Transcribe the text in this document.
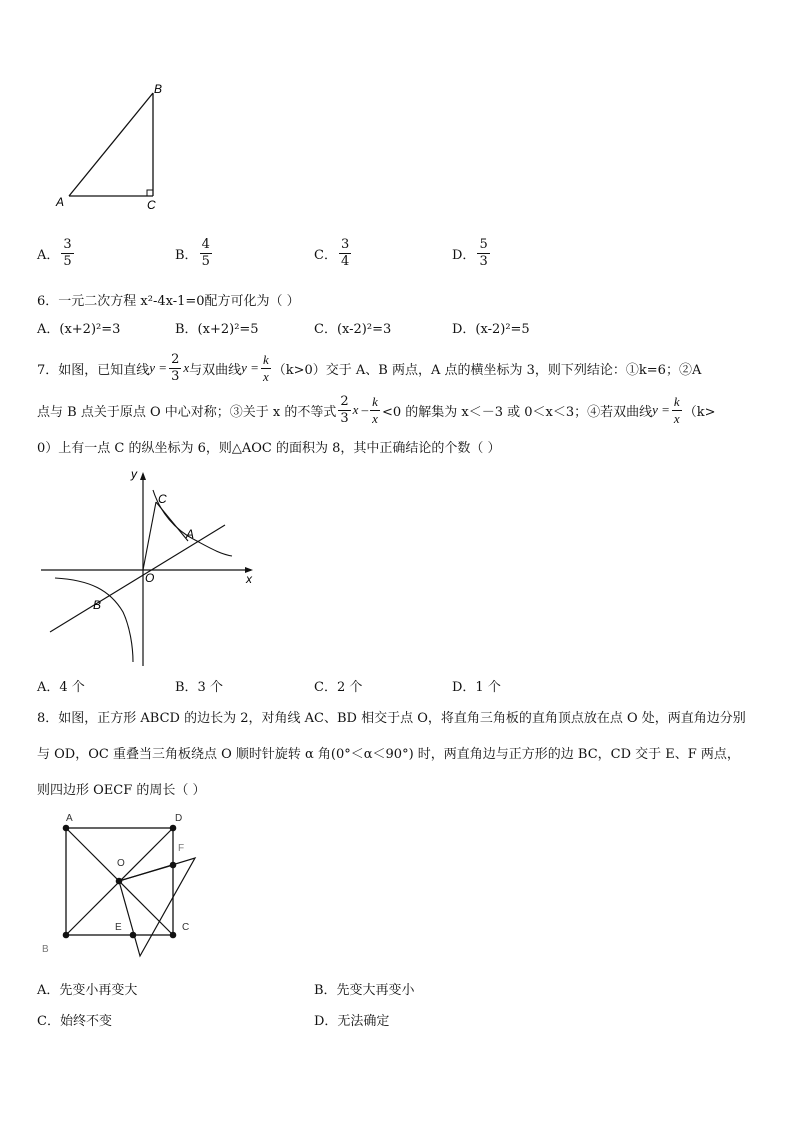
B
A	C
A． $\frac{3}{5}$	B． $\frac{4}{5}$	C． $\frac{3}{4}$	D． $\frac{5}{3}$
6．一元二次方程 x²-4x-1=0配方可化为（ ）
A．(x+2)²=3	B．(x+2)²=5	C．(x-2)²=3	D．(x-2)²=5
7．如图，已知直线 $y = \frac{2}{3}$ x 与双曲线 $y = \frac{k}{x} (k>0)$交于 A、B 两点，A 点的横坐标为 3，则下列结论：①k=6；②A
点与 B 点关于原点 O 中心对称；③关于 x 的不等式 $\frac{2}{3}$ $x - \frac{k}{x} <0$ 的解集为 x＜－3 或 0＜x＜3；④若双曲线 $y = \frac{k}{x} (k>$
0）上有一点 C 的纵坐标为 6，则△AOC 的面积为 8，其中正确结论的个数（ ）
y
x
O
C
A
B
A．4 个	B．3 个	C．2 个	D．1 个
8．如图，正方形 ABCD 的边长为 2，对角线 AC、BD 相交于点 O，将直角三角板的直角顶点放在点 O 处，两直角边分别
与 OD，OC 重叠当三角板绕点 O 顺时针旋转 α 角(0°＜α＜90°) 时，两直角边与正方形的边 BC，CD 交于 E、F 两点，
则四边形 OECF 的周长（ ）
A	D
O
F
B
E	C
A．先变小再变大	B．先变大再变小
C．始终不变	D．无法确定
